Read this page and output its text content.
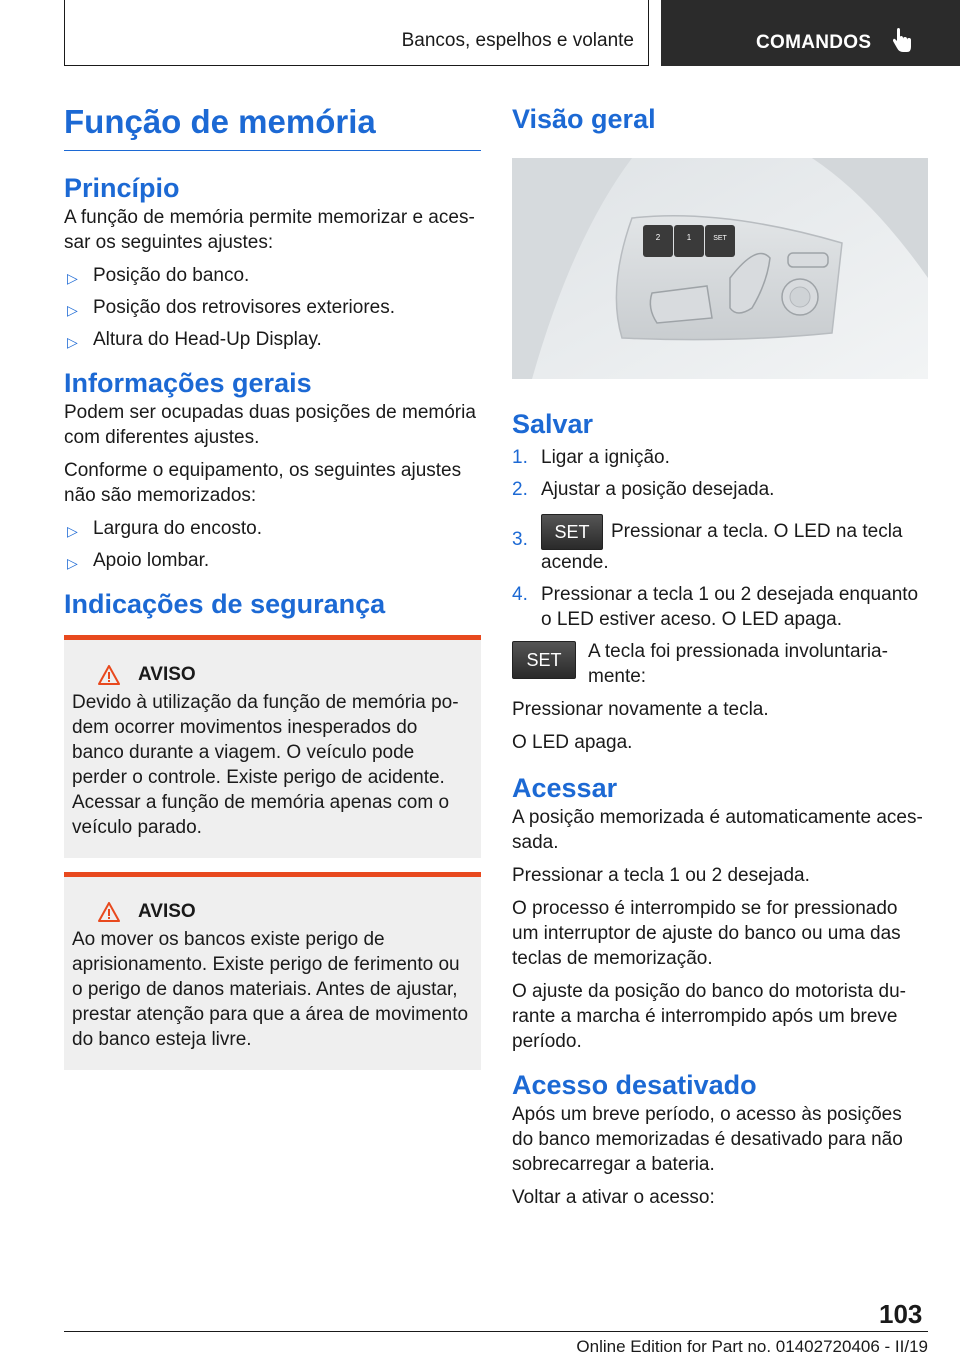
Bancos, espelhos e volante	COMANDOS
Função de memória
Princípio

A função de memória permite memorizar e acessar os seguintes ajustes:

▷ Posição do banco.
▷ Posição dos retrovisores exteriores.
▷ Altura do Head-Up Display.
Informações gerais

Podem ser ocupadas duas posições de memória com diferentes ajustes.

Conforme o equipamento, os seguintes ajustes não são memorizados:

▷ Largura do encosto.
▷ Apoio lombar.
Indicações de segurança
AVISO

Devido à utilização da função de memória podem ocorrer movimentos inesperados do banco durante a viagem. O veículo pode perder o controle. Existe perigo de acidente. Acessar a função de memória apenas com o veículo parado.

AVISO

Ao mover os bancos existe perigo de aprisionamento. Existe perigo de ferimento ou o perigo de danos materiais. Antes de ajustar, prestar atenção para que a área de movimento do banco esteja livre.

Visão geral
2	1	SET
Salvar
1. Ligar a ignição.
2. Ajustar a posição desejada.
3. SET Pressionar a tecla. O LED na tecla acende.
4. Pressionar a tecla 1 ou 2 desejada enquanto o LED estiver aceso. O LED apaga.
SET	A tecla foi pressionada involuntariamente:

Pressionar novamente a tecla.

O LED apaga.

Acessar

A posição memorizada é automaticamente acessada.

Pressionar a tecla 1 ou 2 desejada.

O processo é interrompido se for pressionado um interruptor de ajuste do banco ou uma das teclas de memorização.

O ajuste da posição do banco do motorista durante a marcha é interrompido após um breve período.

Acesso desativado

Após um breve período, o acesso às posições do banco memorizadas é desativado para não sobrecarregar a bateria.

Voltar a ativar o acesso:

103
Online Edition for Part no. 01402720406 - II/19
